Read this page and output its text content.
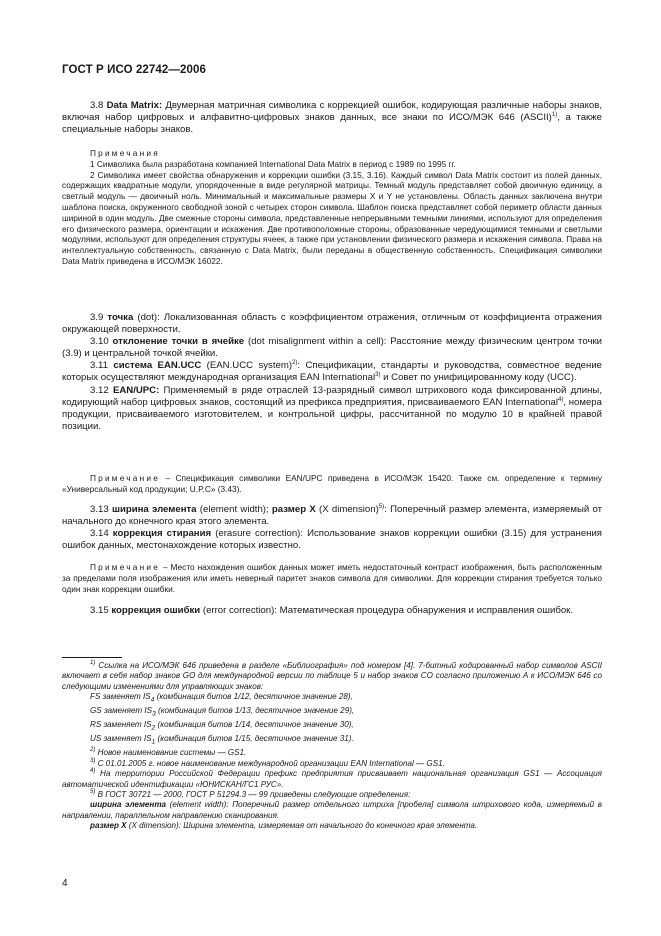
ГОСТ Р ИСО 22742—2006

3.8 Data Matrix: Двумерная матричная символика с коррекцией ошибок, кодирующая различные наборы знаков, включая набор цифровых и алфавитно-цифровых знаков данных, все знаки по ИСО/МЭК 646 (ASCII)$^{1)}$, а также специальные наборы знаков.

Примечания

1 Символика была разработана компанией International Data Matrix в период с 1989 по 1995 гг.

2 Символика имеет свойства обнаружения и коррекции ошибки (3.15, 3.16). Каждый символ Data Matrix состоит из полей данных, содержащих квадратные модули, упорядоченные в виде регулярной матрицы. Темный модуль представляет собой двоичную единицу, а светлый модуль — двоичный ноль. Минимальный и максимальные размеры X и Y не установлены. Область данных заключена внутри шаблона поиска, окруженного свободной зоной с четырех сторон символа. Шаблон поиска представляет собой периметр области данных шириной в один модуль. Две смежные стороны символа, представленные непрерывными темными линиями, используют для определения его физического размера, ориентации и искажения. Две противоположные стороны, образованные чередующимися темными и светлыми модулями, используют для определения структуры ячеек, а также при установлении физического размера и искажения символа. Права на интеллектуальную собственность, связанную с Data Matrix, были переданы в общественную собственность. Спецификация символики Data Matrix приведена в ИСО/МЭК 16022.

3.9 точка (dot): Локализованная область с коэффициентом отражения, отличным от коэффициента отражения окружающей поверхности.

3.10 отклонение точки в ячейке (dot misalignment within a cell): Расстояние между физическим центром точки (3.9) и центральной точкой ячейки.

3.11 система EAN.UCC (EAN.UCC system)$^{2)}$: Спецификации, стандарты и руководства, совместное ведение которых осуществляют международная организация EAN International$^{3)}$ и Совет по унифицированному коду (UCC).

3.12 EAN/UPC: Применяемый в ряде отраслей 13-разрядный символ штрихового кода фиксированной длины, кодирующий набор цифровых знаков, состоящий из префикса предприятия, присваиваемого EAN International$^{4)}$, номера продукции, присваиваемого изготовителем, и контрольной цифры, рассчитанной по модулю 10 в крайней правой позиции.

Примечание – Спецификация символики EAN/UPC приведена в ИСО/МЭК 15420. Также см. определение к термину «Универсальный код продукции; U.P.C» (3.43).

3.13 ширина элемента (element width); размер X (X dimension)$^{5)}$: Поперечный размер элемента, измеряемый от начального до конечного края этого элемента.

3.14 коррекция стирания (erasure correction): Использование знаков коррекции ошибки (3.15) для устранения ошибок данных, местонахождение которых известно.

Примечание – Место нахождения ошибок данных может иметь недостаточный контраст изображения, быть расположенным за пределами поля изображения или иметь неверный паритет знаков символа для символики. Для коррекции стирания требуется только один знак коррекции ошибки.

3.15 коррекция ошибки (error correction): Математическая процедура обнаружения и исправления ошибок.

$^{1)}$ Ссылка на ИСО/МЭК 646 приведена в разделе «Библиография» под номером [4]. 7-битный кодированный набор символов ASCII включает в себя набор знаков GO для международной версии по таблице 5 и набор знаков CO согласно приложению А к ИСО/МЭК 646 со следующими изменениями для управляющих знаков:

FS заменяет $IS_4$ (комбинация битов 1/12, десятичное значение 28),

GS заменяет $IS_3$ (комбинация битов 1/13, десятичное значение 29),

RS заменяет $IS_2$ (комбинация битов 1/14, десятичное значение 30),

US заменяет $IS_1$ (комбинация битов 1/15, десятичное значение 31).

$^{2)}$ Новое наименование системы — GS1.

$^{3)}$ С 01.01.2005 г. новое наименование международной организации EAN International — GS1.

$^{4)}$ На территории Российской Федерации префикс предприятия присваивает национальная организация GS1 — Ассоциация автоматической идентификации «ЮНИСКАН/ГС1 РУС».

$^{5)}$ В ГОСТ 30721 — 2000, ГОСТ Р 51294.3 — 99 приведены следующие определения:

ширина элемента (element width): Поперечный размер отдельного штриха [пробела] символа штрихового кода, измеряемый в направлении, параллельном направлению сканирования.

размер X (X dimension): Ширина элемента, измеряемая от начального до конечного края элемента.

4
